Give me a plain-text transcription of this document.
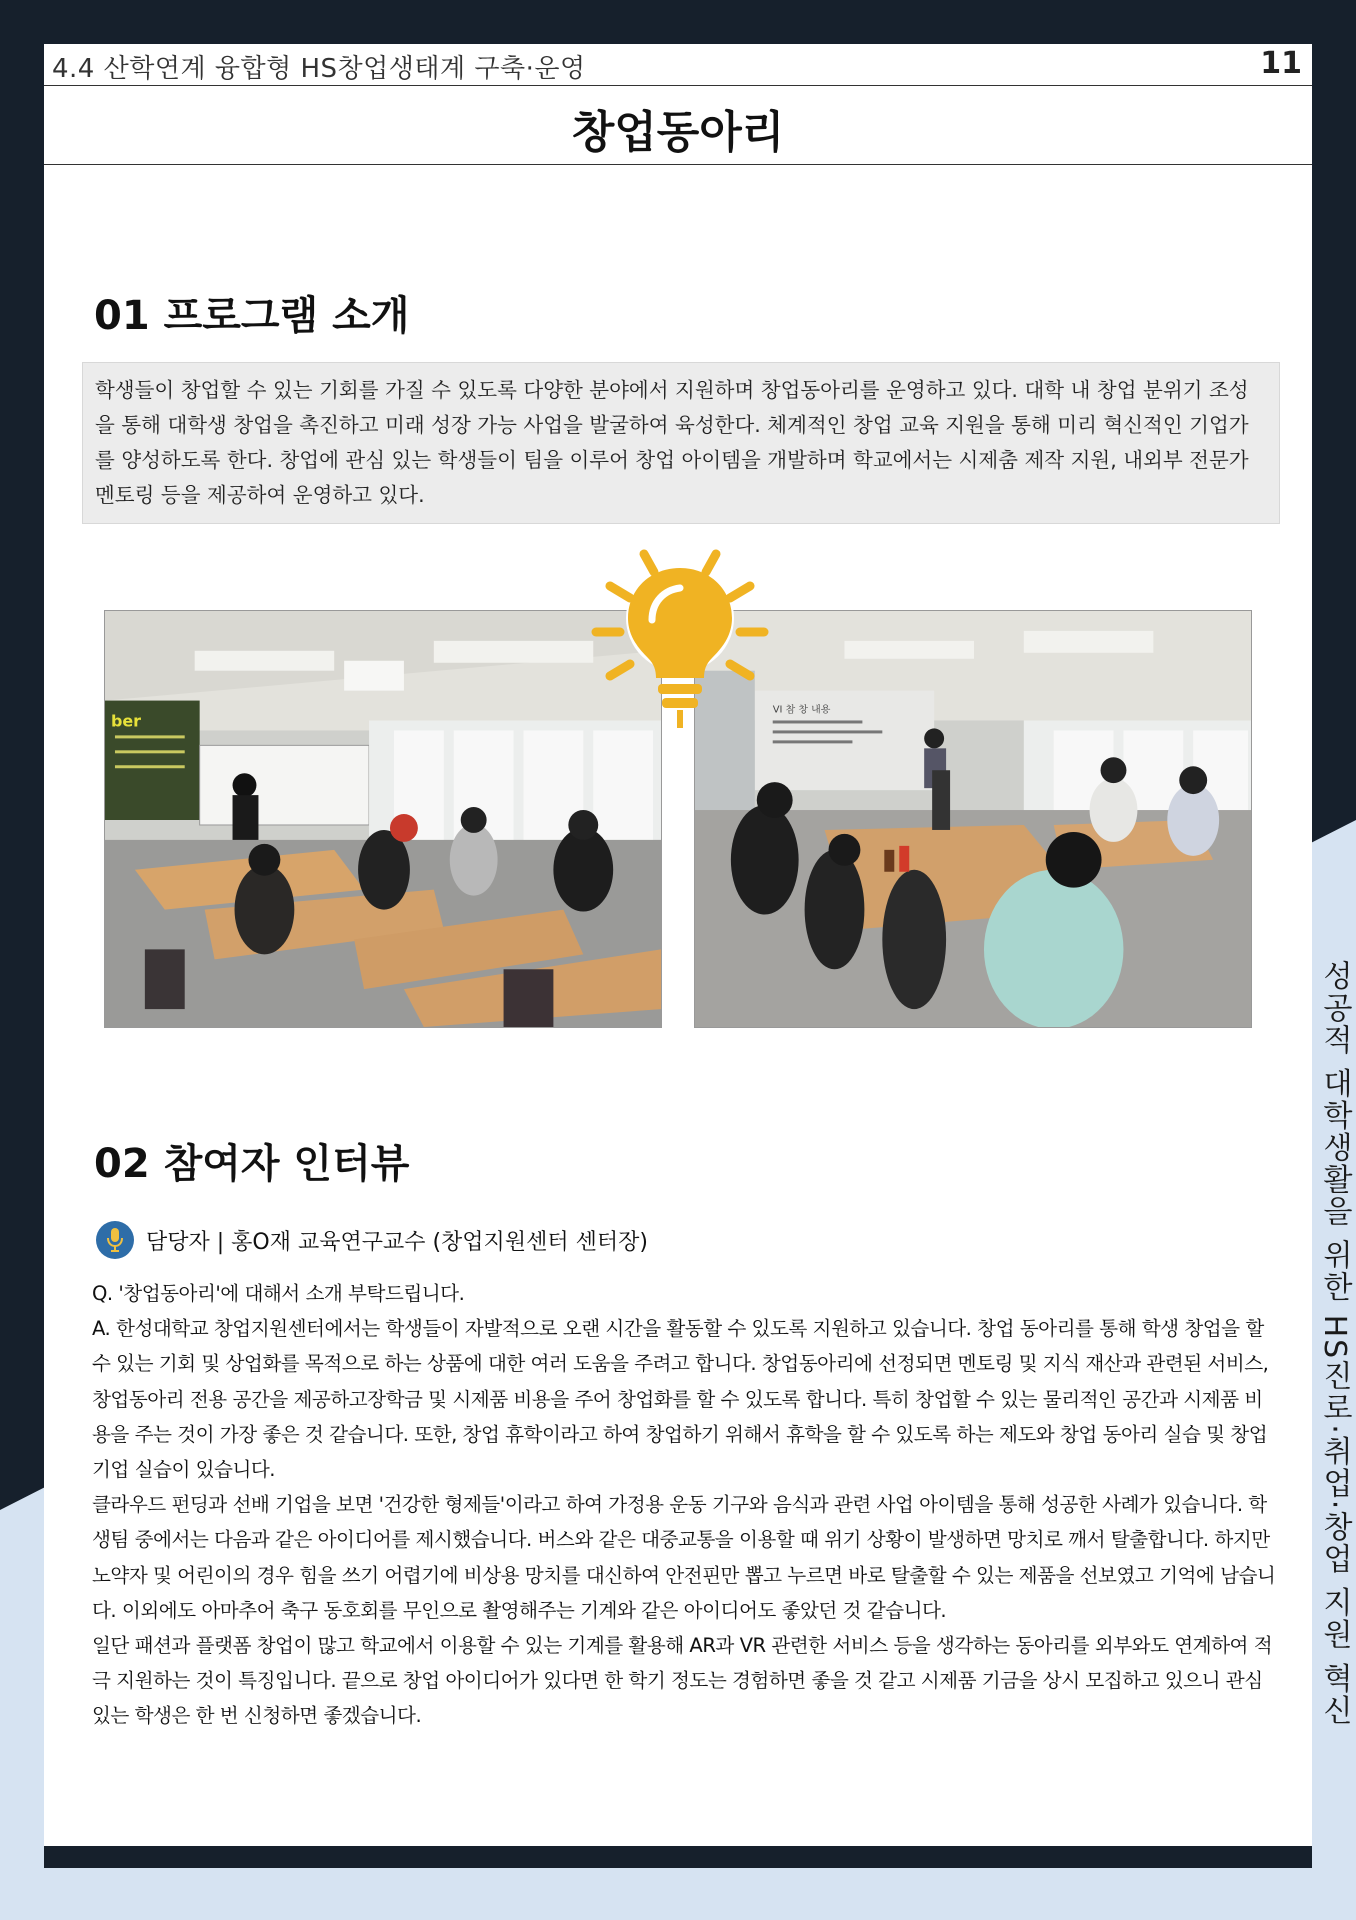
4.4 산학연계 융합형 HS창업생태계 구축·운영	11
창업동아리
01 프로그램 소개

학생들이 창업할 수 있는 기회를 가질 수 있도록 다양한 분야에서 지원하며 창업동아리를 운영하고 있다. 대학 내 창업 분위기 조성을 통해 대학생 창업을 촉진하고 미래 성장 가능 사업을 발굴하여 육성한다. 체계적인 창업 교육 지원을 통해 미리 혁신적인 기업가를 양성하도록 한다. 창업에 관심 있는 학생들이 팀을 이루어 창업 아이템을 개발하며 학교에서는 시제춤 제작 지원, 내외부 전문가 멘토링 등을 제공하여 운영하고 있다.

ber
VI 참 창 내용
02 참여자 인터뷰
담당자 | 홍O재 교육연구교수 (창업지원센터 센터장)

Q. '창업동아리'에 대해서 소개 부탁드립니다.

A. 한성대학교 창업지원센터에서는 학생들이 자발적으로 오랜 시간을 활동할 수 있도록 지원하고 있습니다. 창업 동아리를 통해 학생 창업을 할 수 있는 기회 및 상업화를 목적으로 하는 상품에 대한 여러 도움을 주려고 합니다. 창업동아리에 선정되면 멘토링 및 지식 재산과 관련된 서비스, 창업동아리 전용 공간을 제공하고장학금 및 시제품 비용을 주어 창업화를 할 수 있도록 합니다. 특히 창업할 수 있는 물리적인 공간과 시제품 비용을 주는 것이 가장 좋은 것 같습니다. 또한, 창업 휴학이라고 하여 창업하기 위해서 휴학을 할 수 있도록 하는 제도와 창업 동아리 실습 및 창업 기업 실습이 있습니다.

클라우드 펀딩과 선배 기업을 보면 '건강한 형제들'이라고 하여 가정용 운동 기구와 음식과 관련 사업 아이템을 통해 성공한 사례가 있습니다. 학생팀 중에서는 다음과 같은 아이디어를 제시했습니다. 버스와 같은 대중교통을 이용할 때 위기 상황이 발생하면 망치로 깨서 탈출합니다. 하지만 노약자 및 어린이의 경우 힘을 쓰기 어렵기에 비상용 망치를 대신하여 안전핀만 뽑고 누르면 바로 탈출할 수 있는 제품을 선보였고 기억에 남습니다. 이외에도 아마추어 축구 동호회를 무인으로 촬영해주는 기계와 같은 아이디어도 좋았던 것 같습니다.

일단 패션과 플랫폼 창업이 많고 학교에서 이용할 수 있는 기계를 활용해 AR과 VR 관련한 서비스 등을 생각하는 동아리를 외부와도 연계하여 적극 지원하는 것이 특징입니다. 끝으로 창업 아이디어가 있다면 한 학기 정도는 경험하면 좋을 것 같고 시제품 기금을 상시 모집하고 있으니 관심 있는 학생은 한 번 신청하면 좋겠습니다.	성공적 대학생활을 위한 HS진로·취업·창업 지원 혁신
